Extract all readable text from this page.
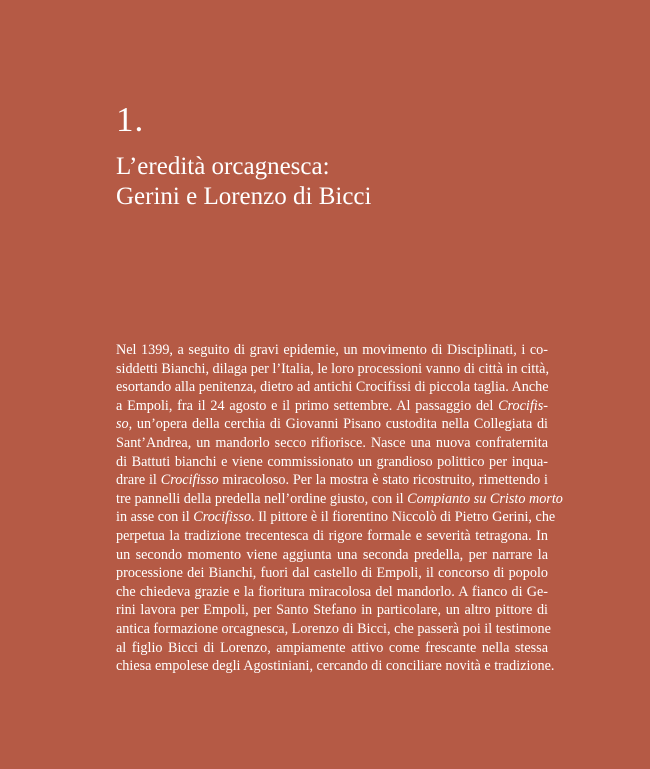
1.
L’eredità orcagnesca:
Gerini e Lorenzo di Bicci

Nel 1399, a seguito di gravi epidemie, un movimento di Disciplinati, i co-
siddetti Bianchi, dilaga per l’Italia, le loro processioni vanno di città in città,
esortando alla penitenza, dietro ad antichi Crocifissi di piccola taglia. Anche
a Empoli, fra il 24 agosto e il primo settembre. Al passaggio del Crocifis-
so, un’opera della cerchia di Giovanni Pisano custodita nella Collegiata di
Sant’Andrea, un mandorlo secco rifiorisce. Nasce una nuova confraternita
di Battuti bianchi e viene commissionato un grandioso polittico per inqua-
drare il Crocifisso miracoloso. Per la mostra è stato ricostruito, rimettendo i
tre pannelli della predella nell’ordine giusto, con il Compianto su Cristo morto
in asse con il Crocifisso. Il pittore è il fiorentino Niccolò di Pietro Gerini, che
perpetua la tradizione trecentesca di rigore formale e severità tetragona. In
un secondo momento viene aggiunta una seconda predella, per narrare la
processione dei Bianchi, fuori dal castello di Empoli, il concorso di popolo
che chiedeva grazie e la fioritura miracolosa del mandorlo. A fianco di Ge-
rini lavora per Empoli, per Santo Stefano in particolare, un altro pittore di
antica formazione orcagnesca, Lorenzo di Bicci, che passerà poi il testimone
al figlio Bicci di Lorenzo, ampiamente attivo come frescante nella stessa
chiesa empolese degli Agostiniani, cercando di conciliare novità e tradizione.
